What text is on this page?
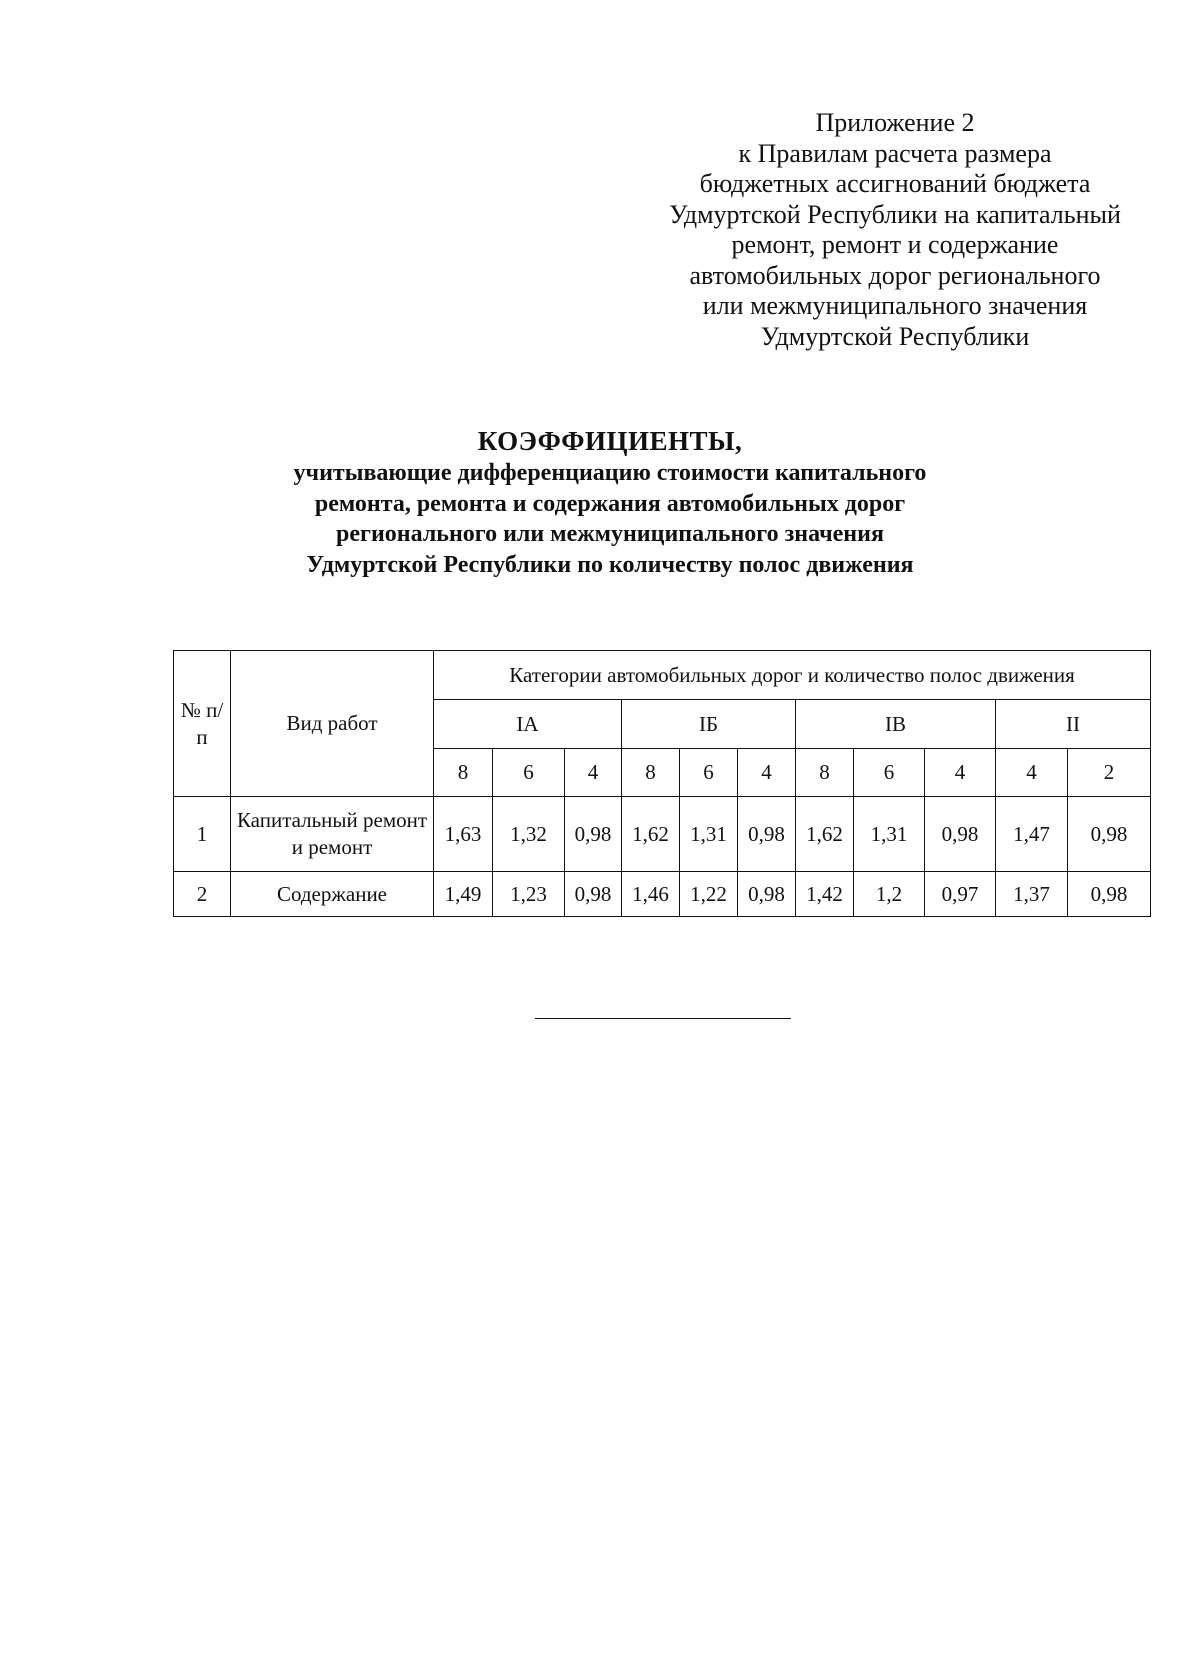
Приложение 2
к Правилам расчета размера
бюджетных ассигнований бюджета
Удмуртской Республики на капитальный
ремонт, ремонт и содержание
автомобильных дорог регионального
или межмуниципального значения
Удмуртской Республики
КОЭФФИЦИЕНТЫ,
учитывающие дифференциацию стоимости капитального
ремонта, ремонта и содержания автомобильных дорог
регионального или межмуниципального значения
Удмуртской Республики по количеству полос движения
№ п/п	Вид работ	Категории автомобильных дорог и количество полос движения										
		IА			IБ			IВ			II	
		8	6	4	8	6	4	8	6	4	4	2
1	Капитальный ремонт и ремонт	1,63	1,32	0,98	1,62	1,31	0,98	1,62	1,31	0,98	1,47	0,98
2	Содержание	1,49	1,23	0,98	1,46	1,22	0,98	1,42	1,2	0,97	1,37	0,98
